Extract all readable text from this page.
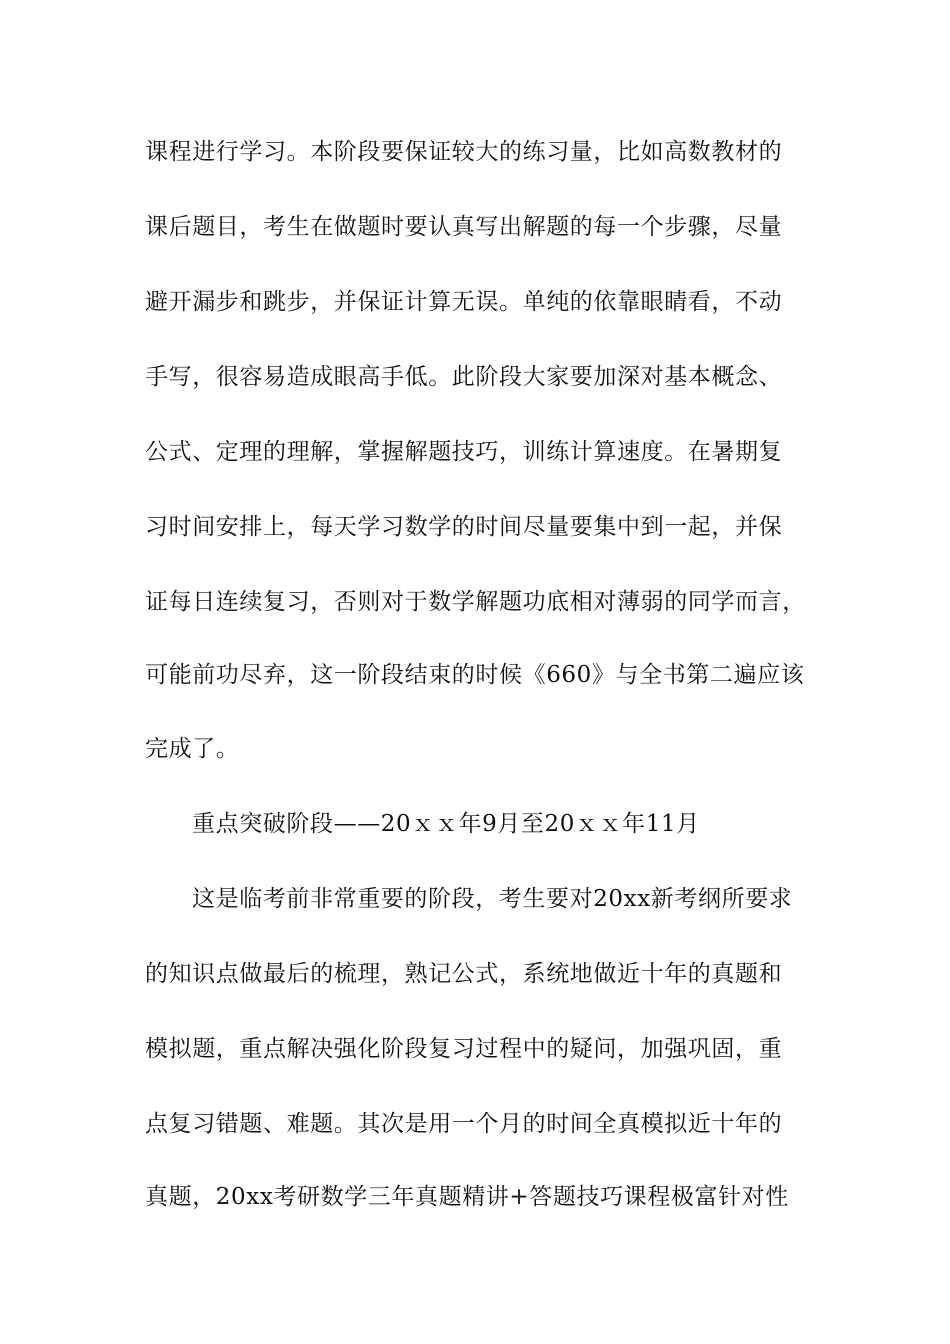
课程进行学习。本阶段要保证较大的练习量，比如高数教材的
课后题目，考生在做题时要认真写出解题的每一个步骤，尽量
避开漏步和跳步，并保证计算无误。单纯的依靠眼睛看，不动
手写，很容易造成眼高手低。此阶段大家要加深对基本概念、
公式、定理的理解，掌握解题技巧，训练计算速度。在暑期复
习时间安排上，每天学习数学的时间尽量要集中到一起，并保
证每日连续复习，否则对于数学解题功底相对薄弱的同学而言，
可能前功尽弃，这一阶段结束的时候《660》与全书第二遍应该
完成了。
重点突破阶段——20ｘｘ年9月至20ｘｘ年11月
这是临考前非常重要的阶段，考生要对20xx新考纲所要求
的知识点做最后的梳理，熟记公式，系统地做近十年的真题和
模拟题，重点解决强化阶段复习过程中的疑问，加强巩固，重
点复习错题、难题。其次是用一个月的时间全真模拟近十年的
真题，20xx考研数学三年真题精讲+答题技巧课程极富针对性
